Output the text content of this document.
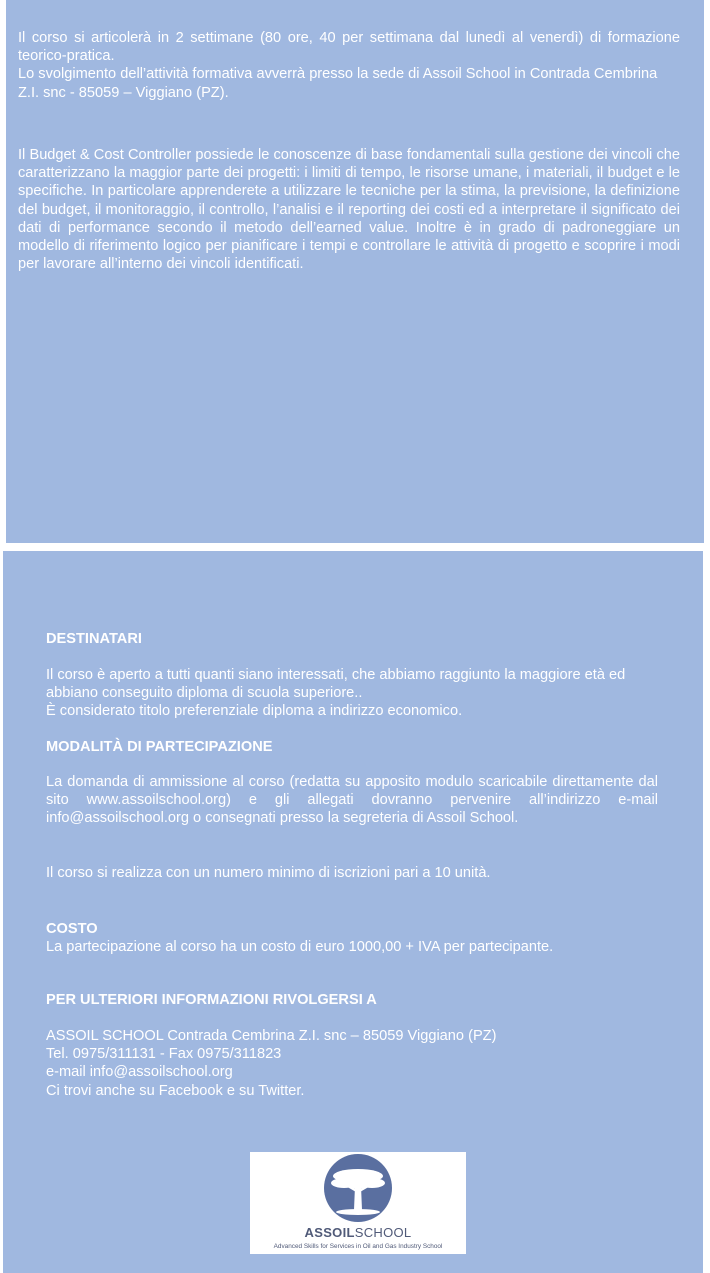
Il corso si articolerà in 2 settimane (80 ore, 40 per settimana dal lunedì al venerdì) di formazione teorico-pratica.

Lo svolgimento dell’attività formativa avverrà presso la sede di Assoil School in Contrada Cembrina Z.I. snc - 85059 – Viggiano (PZ).

Il Budget & Cost Controller possiede le conoscenze di base fondamentali sulla gestione dei vincoli che caratterizzano la maggior parte dei progetti: i limiti di tempo, le risorse umane, i materiali, il budget e le specifiche. In particolare apprenderete a utilizzare le tecniche per la stima, la previsione, la definizione del budget, il monitoraggio, il controllo, l’analisi e il reporting dei costi ed a interpretare il significato dei dati di performance secondo il metodo dell’earned value. Inoltre è in grado di padroneggiare un modello di riferimento logico per pianificare i tempi e controllare le attività di progetto e scoprire i modi per lavorare all’interno dei vincoli identificati.

DESTINATARI

Il corso è aperto a tutti quanti siano interessati, che abbiamo raggiunto la maggiore età ed abbiano conseguito diploma di scuola superiore..

È considerato titolo preferenziale diploma a indirizzo economico.

MODALITÀ DI PARTECIPAZIONE

La domanda di ammissione al corso (redatta su apposito modulo scaricabile direttamente dal sito www.assoilschool.org) e gli allegati dovranno pervenire all’indirizzo e-mail info@assoilschool.org o consegnati presso la segreteria di Assoil School.

Il corso si realizza con un numero minimo di iscrizioni pari a 10 unità.

COSTO

La partecipazione al corso ha un costo di euro 1000,00 + IVA per partecipante.

PER ULTERIORI INFORMAZIONI RIVOLGERSI A

ASSOIL SCHOOL Contrada Cembrina Z.I. snc – 85059 Viggiano (PZ)

Tel. 0975/311131 - Fax 0975/311823

e-mail info@assoilschool.org

Ci trovi anche su Facebook e su Twitter.

ASSOILSCHOOL
Advanced Skills for Services in Oil and Gas Industry School
